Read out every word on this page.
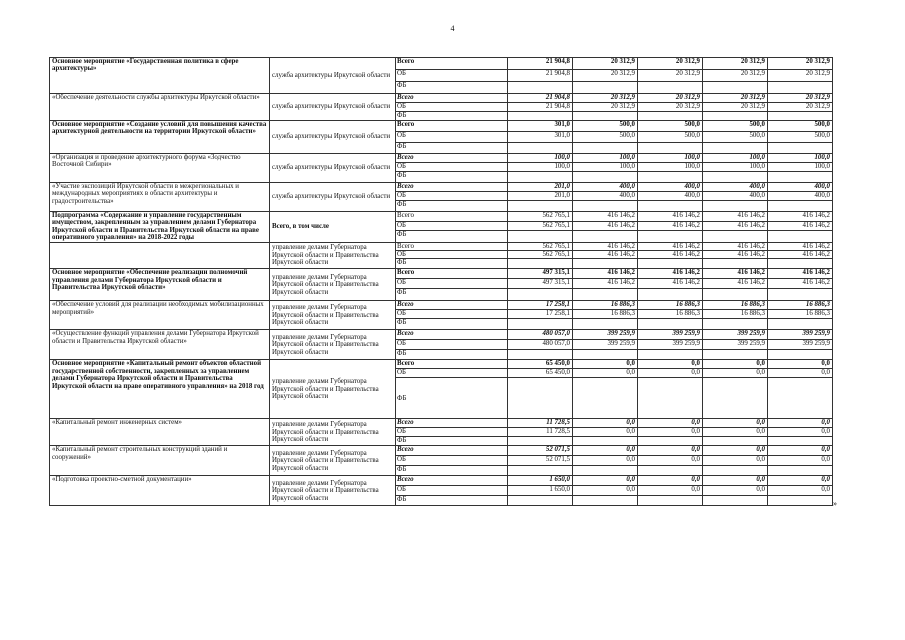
4
Основное мероприятие «Государственная политика в сфере архитектуры»	служба архитектуры Иркутской области	Всего	21 904,8	20 312,9	20 312,9	20 312,9	20 312,9
		ОБ	21 904,8	20 312,9	20 312,9	20 312,9	20 312,9
		ФБ					
«Обеспечение деятельности службы архитектуры Иркутской области»	служба архитектуры Иркутской области	Всего	21 904,8	20 312,9	20 312,9	20 312,9	20 312,9
		ОБ	21 904,8	20 312,9	20 312,9	20 312,9	20 312,9
		ФБ					
Основное мероприятие «Создание условий для повышения качества архитектурной деятельности на территории Иркутской области»	служба архитектуры Иркутской области	Всего	301,0	500,0	500,0	500,0	500,0
		ОБ	301,0	500,0	500,0	500,0	500,0
		ФБ					
«Организация и проведение архитектурного форума «Зодчество Восточной Сибири»	служба архитектуры Иркутской области	Всего	100,0	100,0	100,0	100,0	100,0
		ОБ	100,0	100,0	100,0	100,0	100,0
		ФБ					
«Участие экспозиций Иркутской области в межрегиональных и международных мероприятиях в области архитектуры и градостроительства»	служба архитектуры Иркутской области	Всего	201,0	400,0	400,0	400,0	400,0
		ОБ	201,0	400,0	400,0	400,0	400,0
		ФБ					
Подпрограмма «Содержание и управление государственным имуществом, закрепленным за управлением делами Губернатора Иркутской области и Правительства Иркутской области на праве оперативного управления» на 2018-2022 годы	Всего, в том числе	Всего	562 765,1	416 146,2	416 146,2	416 146,2	416 146,2
		ОБ	562 765,1	416 146,2	416 146,2	416 146,2	416 146,2
		ФБ					
	управление делами Губернатора Иркутской области и Правительства Иркутской области	Всего	562 765,1	416 146,2	416 146,2	416 146,2	416 146,2
		ОБ	562 765,1	416 146,2	416 146,2	416 146,2	416 146,2
		ФБ					
Основное мероприятие «Обеспечение реализации полномочий управления делами Губернатора Иркутской области и Правительства Иркутской области»	управление делами Губернатора Иркутской области и Правительства Иркутской области	Всего	497 315,1	416 146,2	416 146,2	416 146,2	416 146,2
		ОБ	497 315,1	416 146,2	416 146,2	416 146,2	416 146,2
		ФБ					
«Обеспечение условий для реализации необходимых мобилизационных мероприятий»	управление делами Губернатора Иркутской области и Правительства Иркутской области	Всего	17 258,1	16 886,3	16 886,3	16 886,3	16 886,3
		ОБ	17 258,1	16 886,3	16 886,3	16 886,3	16 886,3
		ФБ					
«Осуществление функций управления делами Губернатора Иркутской области и Правительства Иркутской области»	управление делами Губернатора Иркутской области и Правительства Иркутской области	Всего	480 057,0	399 259,9	399 259,9	399 259,9	399 259,9
		ОБ	480 057,0	399 259,9	399 259,9	399 259,9	399 259,9
		ФБ					
Основное мероприятие «Капитальный ремонт объектов областной государственной собственности, закрепленных за управлением делами Губернатора Иркутской области и Правительства Иркутской области на праве оперативного управления» на 2018 год	управление делами Губернатора Иркутской области и Правительства Иркутской области	Всего	65 450,0	0,0	0,0	0,0	0,0
		ОБ	65 450,0	0,0	0,0	0,0	0,0
		ФБ					
«Капитальный ремонт инженерных систем»	управление делами Губернатора Иркутской области и Правительства Иркутской области	Всего	11 728,5	0,0	0,0	0,0	0,0
		ОБ	11 728,5	0,0	0,0	0,0	0,0
		ФБ					
«Капитальный ремонт строительных конструкций зданий и сооружений»	управление делами Губернатора Иркутской области и Правительства Иркутской области	Всего	52 071,5	0,0	0,0	0,0	0,0
		ОБ	52 071,5	0,0	0,0	0,0	0,0
		ФБ					
«Подготовка проектно-сметной документации»	управление делами Губернатора Иркутской области и Правительства Иркутской области	Всего	1 650,0	0,0	0,0	0,0	0,0
		ОБ	1 650,0	0,0	0,0	0,0	0,0
		ФБ						»
